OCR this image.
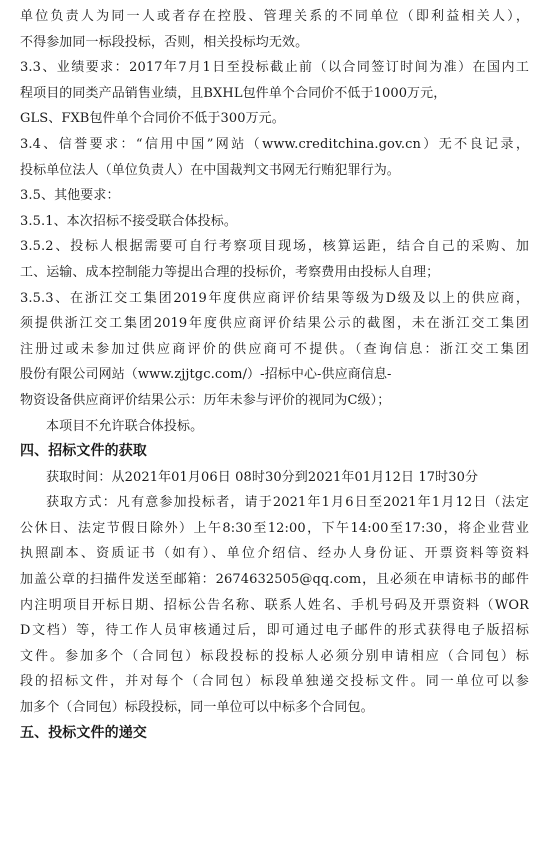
单位负责人为同一人或者存在控股、管理关系的不同单位（即利益相关人），
不得参加同一标段投标，否则，相关投标均无效。
3.3、业绩要求：2017年7月1日至投标截止前（以合同签订时间为准）在国内工
程项目的同类产品销售业绩，且BXHL包件单个合同价不低于1000万元，
GLS、FXB包件单个合同价不低于300万元。
3.4、信誉要求：“信用中国”网站（www.creditchina.gov.cn）无不良记录，
投标单位法人（单位负责人）在中国裁判文书网无行贿犯罪行为。
3.5、其他要求：
3.5.1、本次招标不接受联合体投标。
3.5.2、投标人根据需要可自行考察项目现场，核算运距，结合自己的采购、加
工、运输、成本控制能力等提出合理的投标价，考察费用由投标人自理；
3.5.3、在浙江交工集团2019年度供应商评价结果等级为D级及以上的供应商，
须提供浙江交工集团2019年度供应商评价结果公示的截图，未在浙江交工集团
注册过或未参加过供应商评价的供应商可不提供。（查询信息：浙江交工集团
股份有限公司网站（www.zjjtgc.com/）-招标中心-供应商信息-
物资设备供应商评价结果公示：历年未参与评价的视同为C级）；
本项目不允许联合体投标。
四、招标文件的获取
获取时间：从2021年01月06日 08时30分到2021年01月12日 17时30分
获取方式：凡有意参加投标者，请于2021年1月6日至2021年1月12日（法定
公休日、法定节假日除外）上午8:30至12:00，下午14:00至17:30，将企业营业
执照副本、资质证书（如有）、单位介绍信、经办人身份证、开票资料等资料
加盖公章的扫描件发送至邮箱：2674632505@qq.com，且必须在申请标书的邮件
内注明项目开标日期、招标公告名称、联系人姓名、手机号码及开票资料（WOR
D文档）等，待工作人员审核通过后，即可通过电子邮件的形式获得电子版招标
文件。参加多个（合同包）标段投标的投标人必须分别申请相应（合同包）标
段的招标文件，并对每个（合同包）标段单独递交投标文件。同一单位可以参
加多个（合同包）标段投标，同一单位可以中标多个合同包。
五、投标文件的递交
